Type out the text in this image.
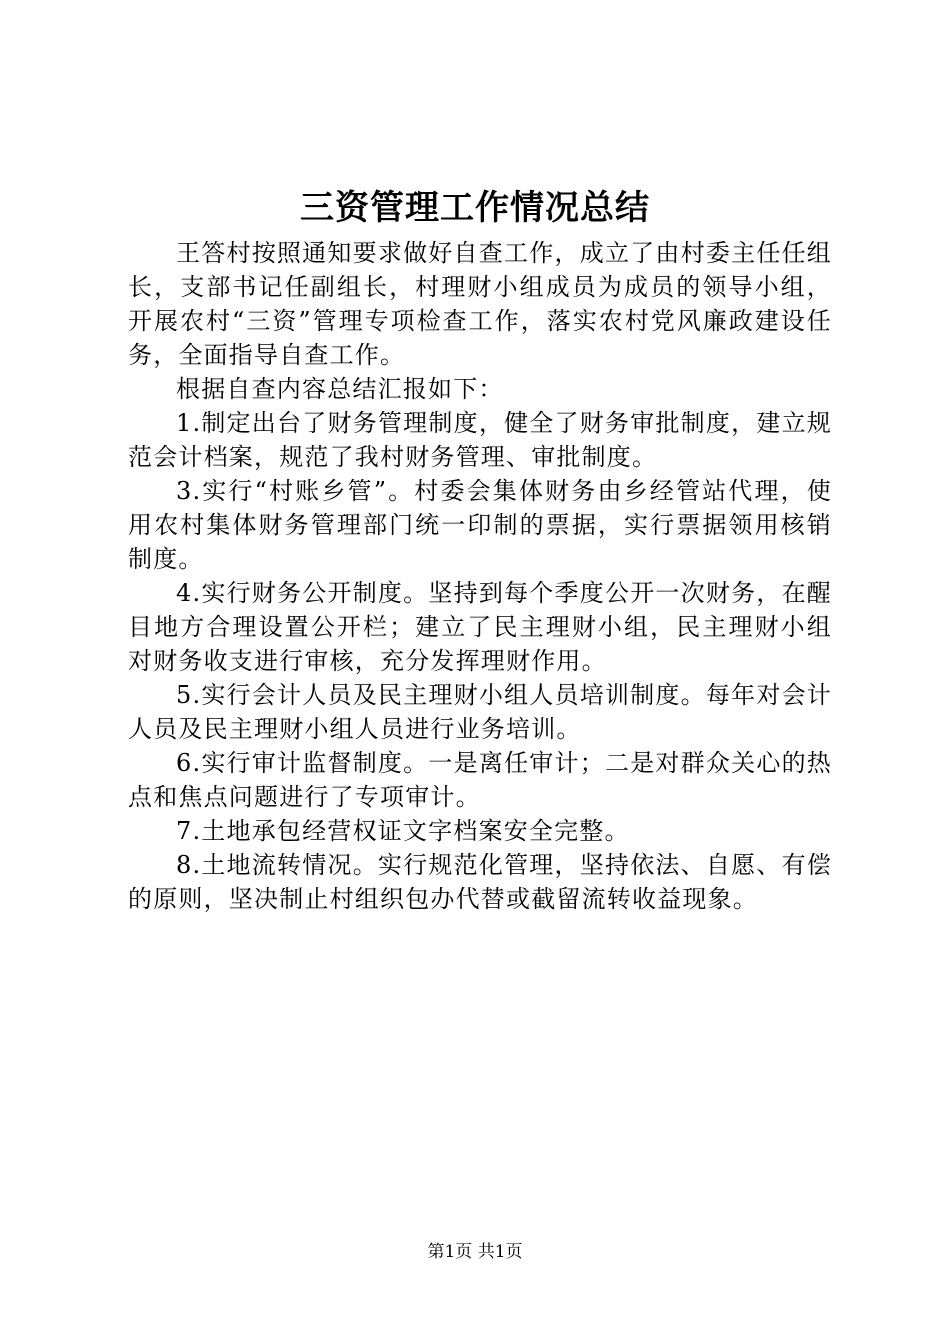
三资管理工作情况总结

王答村按照通知要求做好自查工作，成立了由村委主任任组长，支部书记任副组长，村理财小组成员为成员的领导小组，开展农村“三资”管理专项检查工作，落实农村党风廉政建设任务，全面指导自查工作。

根据自查内容总结汇报如下：

1.制定出台了财务管理制度，健全了财务审批制度，建立规范会计档案，规范了我村财务管理、审批制度。

3.实行“村账乡管”。村委会集体财务由乡经管站代理，使用农村集体财务管理部门统一印制的票据，实行票据领用核销制度。

4.实行财务公开制度。坚持到每个季度公开一次财务，在醒目地方合理设置公开栏；建立了民主理财小组，民主理财小组对财务收支进行审核，充分发挥理财作用。

5.实行会计人员及民主理财小组人员培训制度。每年对会计人员及民主理财小组人员进行业务培训。

6.实行审计监督制度。一是离任审计；二是对群众关心的热点和焦点问题进行了专项审计。

7.土地承包经营权证文字档案安全完整。

8.土地流转情况。实行规范化管理，坚持依法、自愿、有偿的原则，坚决制止村组织包办代替或截留流转收益现象。

第1页 共1页
